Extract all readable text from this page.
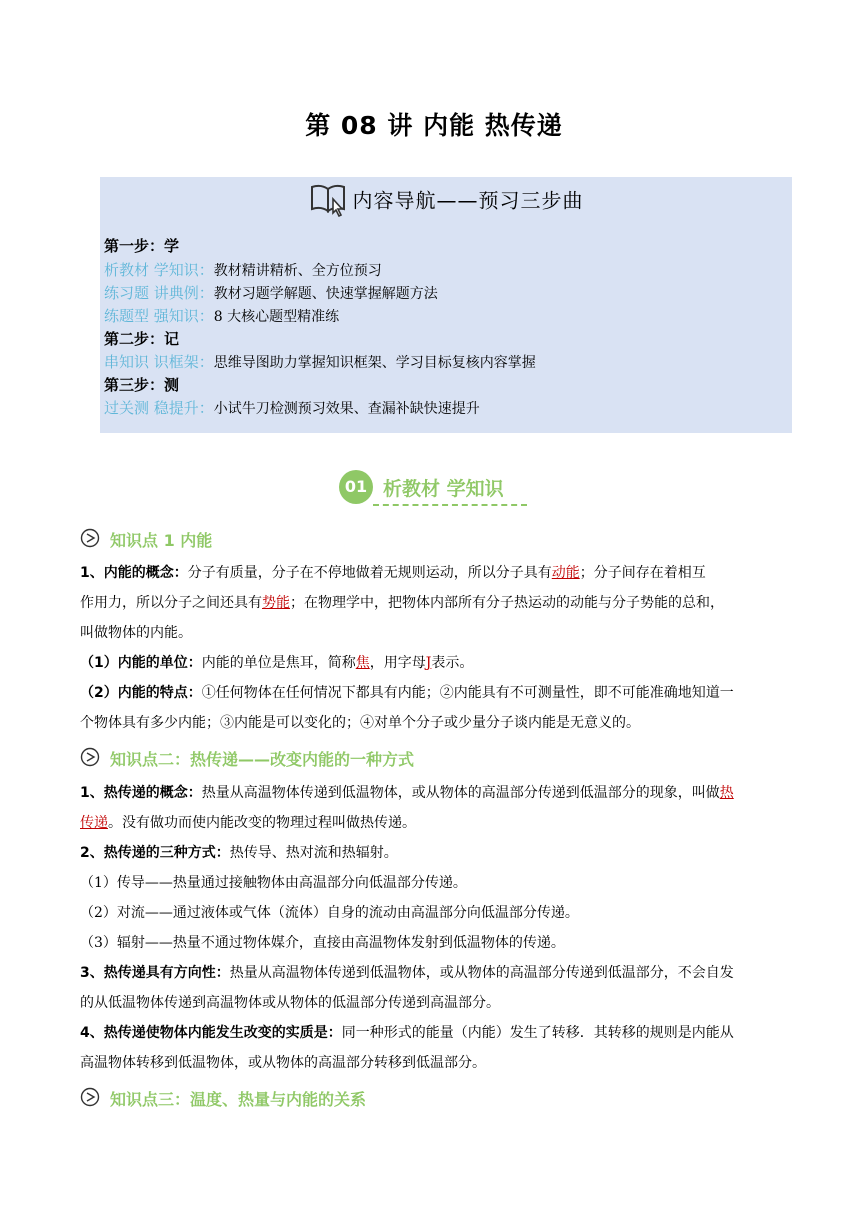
第 08 讲 内能 热传递
内容导航——预习三步曲
第一步：学
析教材 学知识：教材精讲精析、全方位预习
练习题 讲典例：教材习题学解题、快速掌握解题方法
练题型 强知识：8 大核心题型精准练
第二步：记
串知识 识框架：思维导图助力掌握知识框架、学习目标复核内容掌握
第三步：测
过关测 稳提升：小试牛刀检测预习效果、查漏补缺快速提升
01 析教材 学知识
知识点 1 内能
1、内能的概念：分子有质量，分子在不停地做着无规则运动，所以分子具有动能；分子间存在着相互
作用力，所以分子之间还具有势能；在物理学中，把物体内部所有分子热运动的动能与分子势能的总和，
叫做物体的内能。
（1）内能的单位：内能的单位是焦耳，简称焦，用字母J表示。
（2）内能的特点：①任何物体在任何情况下都具有内能；②内能具有不可测量性，即不可能准确地知道一
个物体具有多少内能；③内能是可以变化的；④对单个分子或少量分子谈内能是无意义的。
知识点二：热传递——改变内能的一种方式
1、热传递的概念：热量从高温物体传递到低温物体，或从物体的高温部分传递到低温部分的现象，叫做热
传递。没有做功而使内能改变的物理过程叫做热传递。
2、热传递的三种方式：热传导、热对流和热辐射。
（1）传导——热量通过接触物体由高温部分向低温部分传递。
（2）对流——通过液体或气体（流体）自身的流动由高温部分向低温部分传递。
（3）辐射——热量不通过物体媒介，直接由高温物体发射到低温物体的传递。
3、热传递具有方向性：热量从高温物体传递到低温物体，或从物体的高温部分传递到低温部分，不会自发
的从低温物体传递到高温物体或从物体的低温部分传递到高温部分。
4、热传递使物体内能发生改变的实质是：同一种形式的能量（内能）发生了转移．其转移的规则是内能从
高温物体转移到低温物体，或从物体的高温部分转移到低温部分。
知识点三：温度、热量与内能的关系
